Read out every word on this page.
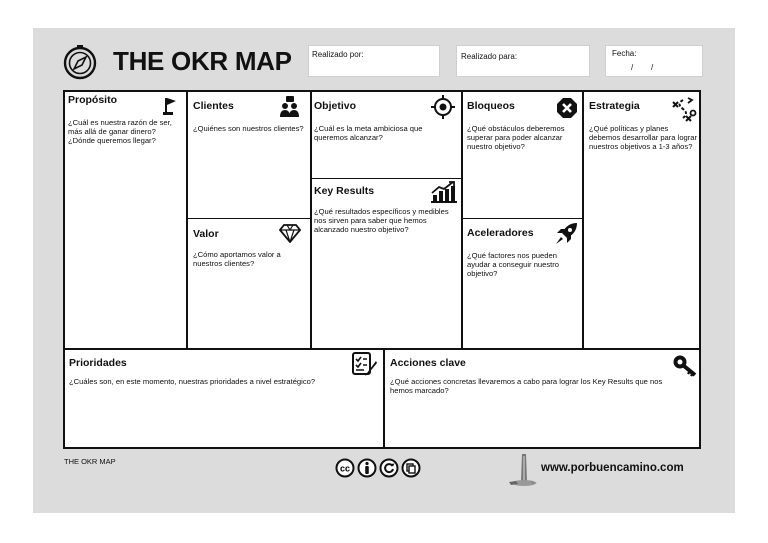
THE OKR MAP	Realizado por:	Realizado para:	Fecha:
/        /
Propósito
¿Cuál es nuestra razón de ser, más allá de ganar dinero? ¿Dónde queremos llegar?
Clientes
¿Quiénes son nuestros clientes?
Valor
¿Cómo aportamos valor a nuestros clientes?
Objetivo
¿Cuál es la meta ambiciosa que queremos alcanzar?
Key Results
¿Qué resultados específicos y medibles nos sirven para saber que hemos alcanzado nuestro objetivo?
Bloqueos
¿Qué obstáculos deberemos superar para poder alcanzar nuestro objetivo?
Aceleradores
¿Qué factores nos pueden ayudar a conseguir nuestro objetivo?
Estrategia
¿Qué políticas y planes debemos desarrollar para lograr nuestros objetivos a 1-3 años?
Prioridades
¿Cuáles son, en este momento, nuestras prioridades a nivel estratégico?
Acciones clave
¿Qué acciones concretas llevaremos a cabo para lograr los Key Results que nos hemos marcado?
THE OKR MAP
cc	www.porbuencamino.com
